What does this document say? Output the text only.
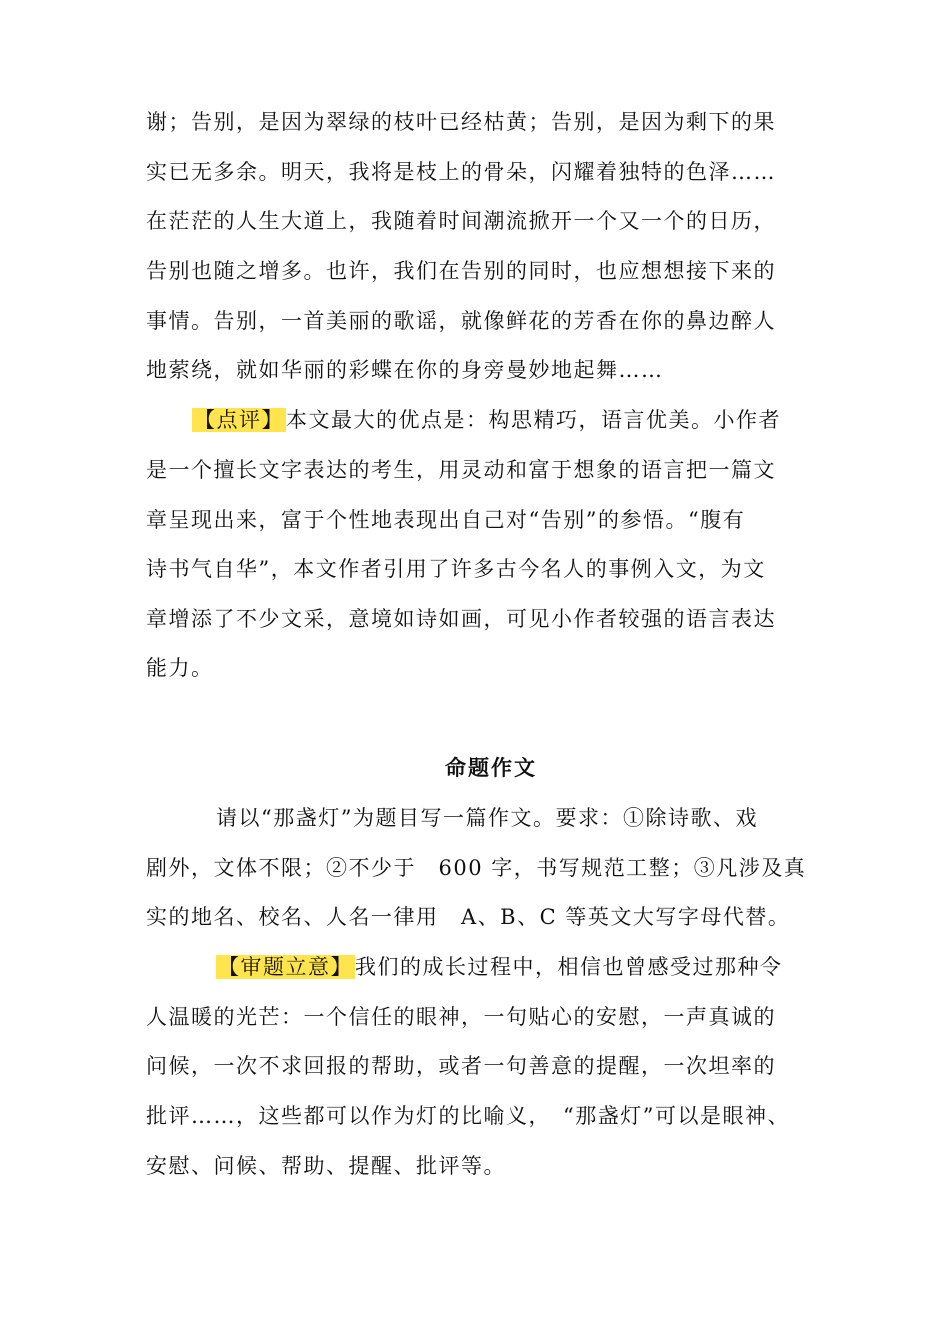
谢；告别，是因为翠绿的枝叶已经枯黄；告别，是因为剩下的果
实已无多余。明天，我将是枝上的骨朵，闪耀着独特的色泽……
在茫茫的人生大道上，我随着时间潮流掀开一个又一个的日历，
告别也随之增多。也许，我们在告别的同时，也应想想接下来的
事情。告别，一首美丽的歌谣，就像鲜花的芳香在你的鼻边醉人
地萦绕，就如华丽的彩蝶在你的身旁曼妙地起舞……
【点评】本文最大的优点是：构思精巧，语言优美。小作者
是一个擅长文字表达的考生，用灵动和富于想象的语言把一篇文
章呈现出来，富于个性地表现出自己对“告别”的参悟。“腹有
诗书气自华”，本文作者引用了许多古今名人的事例入文，为文
章增添了不少文采，意境如诗如画，可见小作者较强的语言表达
能力。
命题作文
请以“那盏灯”为题目写一篇作文。要求：①除诗歌、戏
剧外，文体不限；②不少于　600 字，书写规范工整；③凡涉及真
实的地名、校名、人名一律用　A、B、C 等英文大写字母代替。
【审题立意】我们的成长过程中，相信也曾感受过那种令
人温暖的光芒：一个信任的眼神，一句贴心的安慰，一声真诚的
问候，一次不求回报的帮助，或者一句善意的提醒，一次坦率的
批评……，这些都可以作为灯的比喻义，　“那盏灯”可以是眼神、
安慰、问候、帮助、提醒、批评等。
